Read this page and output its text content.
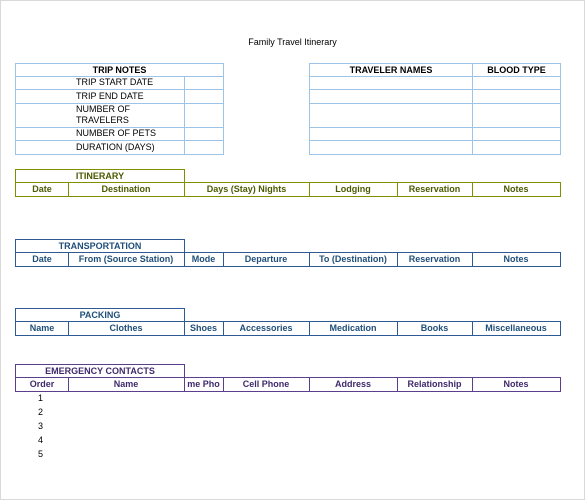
Family Travel Itinerary
TRIP NOTES
TRIP START DATE
TRIP END DATE
NUMBER OF TRAVELERS
NUMBER OF PETS
DURATION (DAYS)
TRAVELER NAMES	BLOOD TYPE
ITINERARY
Date	Destination	Days (Stay) Nights	Lodging	Reservation	Notes
TRANSPORTATION
Date	From (Source Station)	Mode	Departure	To (Destination)	Reservation	Notes
PACKING
Name	Clothes	Shoes	Accessories	Medication	Books	Miscellaneous
EMERGENCY CONTACTS
Order	Name	me Pho	Cell Phone	Address	Relationship	Notes
1
2
3
4
5
